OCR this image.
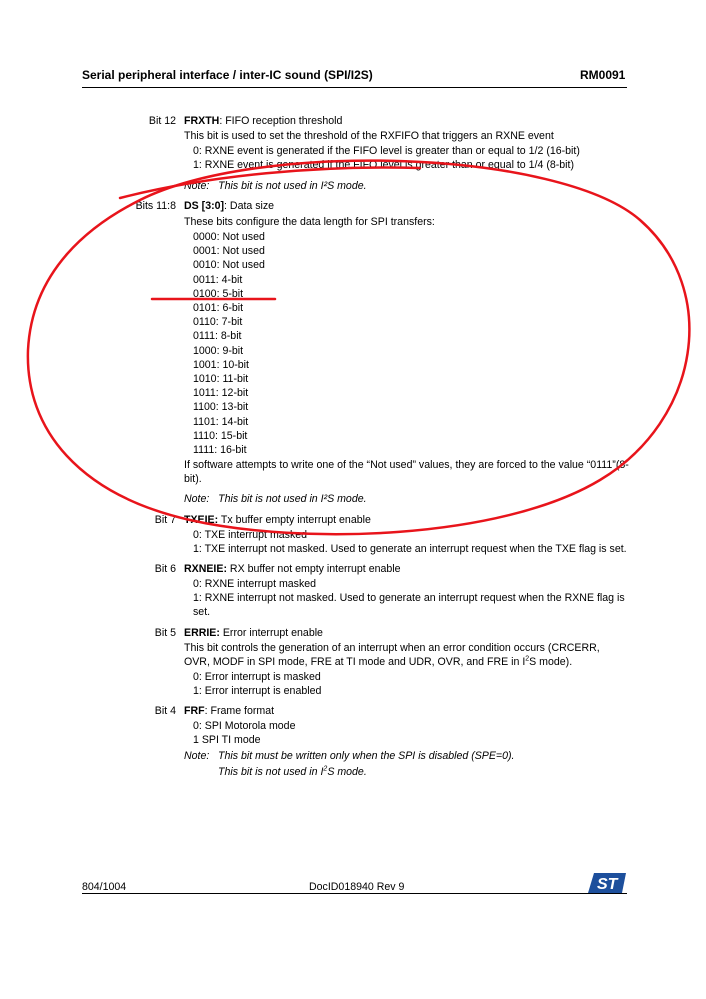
Serial peripheral interface / inter-IC sound (SPI/I2S)	RM0091
Bit 12 FRXTH: FIFO reception threshold
This bit is used to set the threshold of the RXFIFO that triggers an RXNE event
0: RXNE event is generated if the FIFO level is greater than or equal to 1/2 (16-bit)
1: RXNE event is generated if the FIFO level is greater than or equal to 1/4 (8-bit)
Note: This bit is not used in I²S mode.
Bits 11:8 DS [3:0]: Data size
These bits configure the data length for SPI transfers:
0000: Not used
0001: Not used
0010: Not used
0011: 4-bit
0100: 5-bit
0101: 6-bit
0110: 7-bit
0111: 8-bit
1000: 9-bit
1001: 10-bit
1010: 11-bit
1011: 12-bit
1100: 13-bit
1101: 14-bit
1110: 15-bit
1111: 16-bit
If software attempts to write one of the “Not used” values, they are forced to the value “0111”(8-
bit).
Note: This bit is not used in I²S mode.
Bit 7 TXEIE: Tx buffer empty interrupt enable
0: TXE interrupt masked
1: TXE interrupt not masked. Used to generate an interrupt request when the TXE flag is set.
Bit 6 RXNEIE: RX buffer not empty interrupt enable
0: RXNE interrupt masked
1: RXNE interrupt not masked. Used to generate an interrupt request when the RXNE flag is
set.
Bit 5 ERRIE: Error interrupt enable
This bit controls the generation of an interrupt when an error condition occurs (CRCERR,
OVR, MODF in SPI mode, FRE at TI mode and UDR, OVR, and FRE in $I^2S$ mode).
0: Error interrupt is masked
1: Error interrupt is enabled
Bit 4 FRF: Frame format
0: SPI Motorola mode
1 SPI TI mode
Note: This bit must be written only when the SPI is disabled (SPE=0).
This bit is not used in $I^2S$ mode.
804/1004	DocID018940 Rev 9	ST
